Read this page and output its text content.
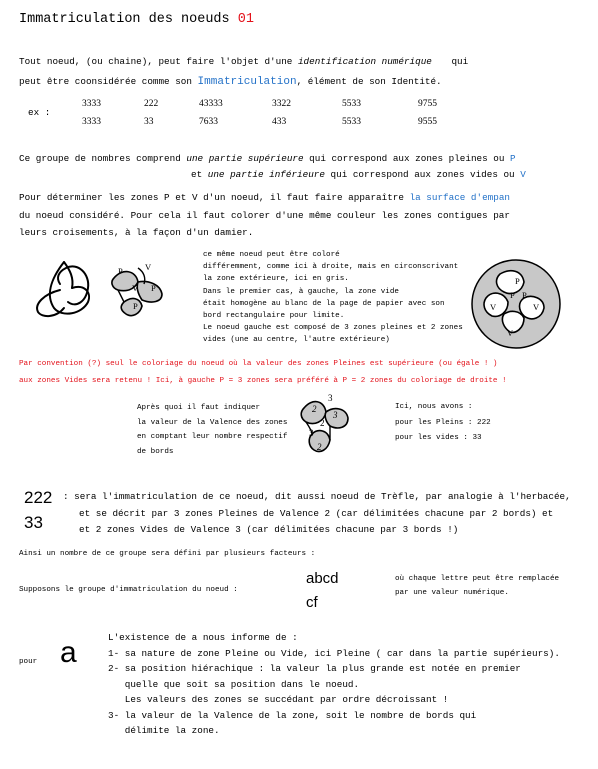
Immatriculation des noeuds 01
Tout noeud, (ou chaine), peut faire l'objet d'une identification numérique qui
peut être coonsidérée comme son Immatriculation, élément de son Identité.
ex :
3333	222	43333	3322	5533	9755
3333	33	7633	433	5533	9555
Ce groupe de nombres comprend une partie supérieure qui correspond aux zones pleines ou P
et une partie inférieure qui correspond aux zones vides ou V
Pour déterminer les zones P et V d'un noeud, il faut faire apparaître la surface d'empan
du noeud considéré. Pour cela il faut colorer d'une même couleur les zones contigues par
leurs croisements, à la façon d'un damier.
P	V
V P
P
ce même noeud peut être coloré
différemment, comme ici à droite, mais en circonscrivant
la zone extérieure, ici en gris.
Dans le premier cas, à gauche, la zone vide
était homogène au blanc de la page de papier avec son
bord rectangulaire pour limite.
Le noeud gauche est composé de 3 zones pleines et 2 zones
vides (une au centre, l'autre extérieure)
P
V	V
P P
V
Par convention (?) seul le coloriage du noeud où la valeur des zones Pleines est supérieure (ou égale ! )
aux zones Vides sera retenu ! Ici, à gauche P = 3 zones sera préféré à P = 2 zones du coloriage de droite !
Après quoi il faut indiquer
la valeur de la Valence des zones
en comptant leur nombre respectif
de bords
3
2
3
2
3
2
Ici, nous avons :
pour les Pleins : 222
pour les vides : 33
222
33
: sera l'immatriculation de ce noeud, dit aussi noeud de Trèfle, par analogie à l'herbacée,
et se décrit par 3 zones Pleines de Valence 2 (car délimitées chacune par 2 bords) et
et 2 zones Vides de Valence 3 (car délimitées chacune par 3 bords !)
Ainsi un nombre de ce groupe sera défini par plusieurs facteurs :
Supposons le groupe d'immatriculation du noeud :
abcd
cf
où chaque lettre peut être remplacée
par une valeur numérique.
pour a	L'existence de a nous informe de :
1- sa nature de zone Pleine ou Vide, ici Pleine ( car dans la partie supérieurs).
2- sa position hiérachique : la valeur la plus grande est notée en premier
quelle que soit sa position dans le noeud.
Les valeurs des zones se succédant par ordre décroissant !
3- la valeur de la Valence de la zone, soit le nombre de bords qui
délimite la zone.
